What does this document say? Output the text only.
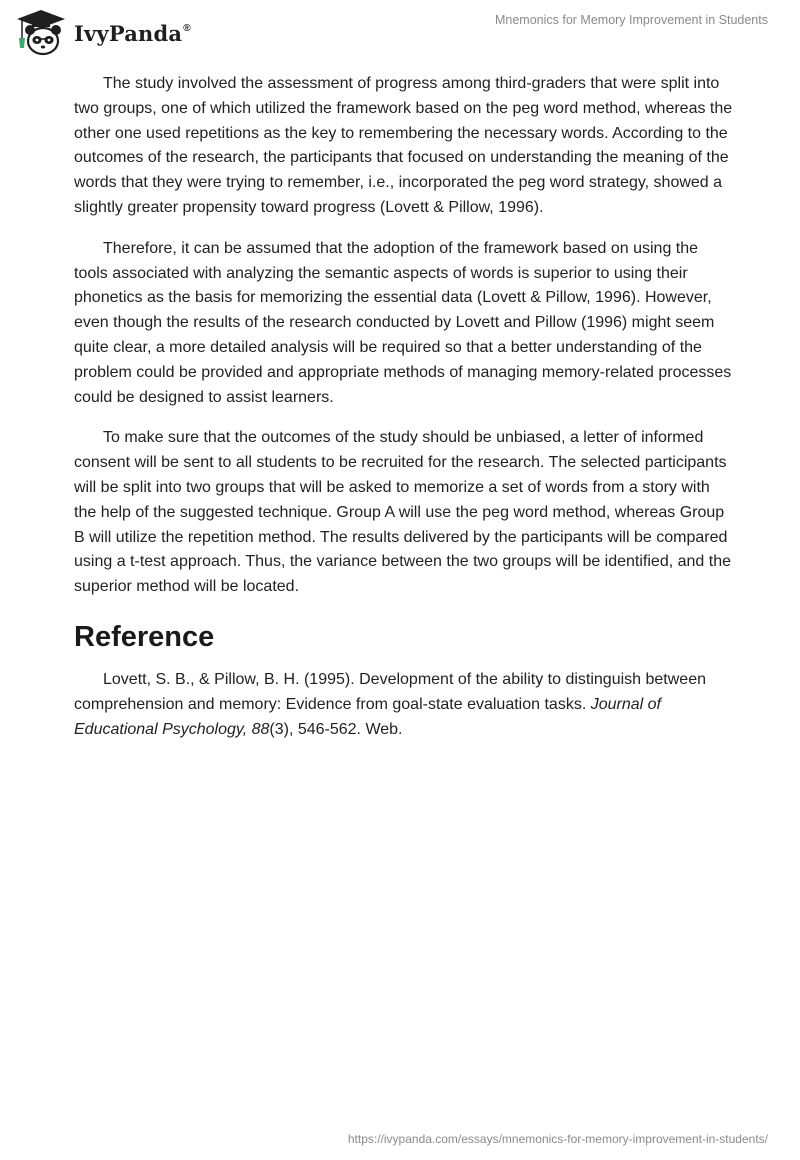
IvyPanda®
Mnemonics for Memory Improvement in Students

The study involved the assessment of progress among third-graders that were split into two groups, one of which utilized the framework based on the peg word method, whereas the other one used repetitions as the key to remembering the necessary words. According to the outcomes of the research, the participants that focused on understanding the meaning of the words that they were trying to remember, i.e., incorporated the peg word strategy, showed a slightly greater propensity toward progress (Lovett & Pillow, 1996).

Therefore, it can be assumed that the adoption of the framework based on using the tools associated with analyzing the semantic aspects of words is superior to using their phonetics as the basis for memorizing the essential data (Lovett & Pillow, 1996). However, even though the results of the research conducted by Lovett and Pillow (1996) might seem quite clear, a more detailed analysis will be required so that a better understanding of the problem could be provided and appropriate methods of managing memory-related processes could be designed to assist learners.

To make sure that the outcomes of the study should be unbiased, a letter of informed consent will be sent to all students to be recruited for the research. The selected participants will be split into two groups that will be asked to memorize a set of words from a story with the help of the suggested technique. Group A will use the peg word method, whereas Group B will utilize the repetition method. The results delivered by the participants will be compared using a t-test approach. Thus, the variance between the two groups will be identified, and the superior method will be located.

Reference

Lovett, S. B., & Pillow, B. H. (1995). Development of the ability to distinguish between comprehension and memory: Evidence from goal-state evaluation tasks. Journal of Educational Psychology, 88(3), 546-562. Web.

https://ivypanda.com/essays/mnemonics-for-memory-improvement-in-students/
